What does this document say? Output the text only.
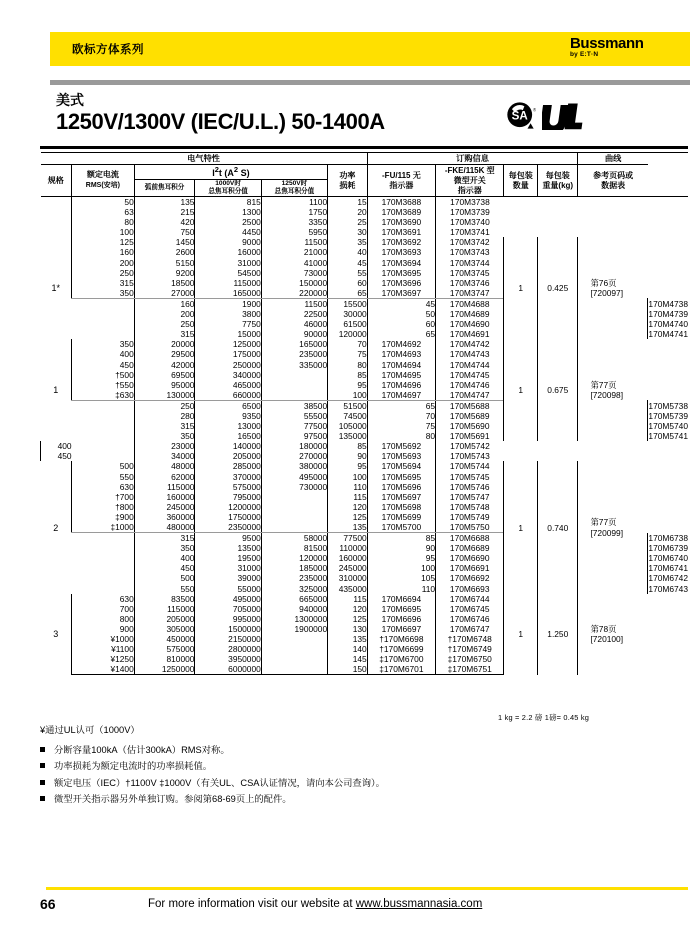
欧标方体系列	Bussmann
by E:T·N
美式
1250V/1300V (IEC/U.L.) 50-1400A	SA ®
®
电气特性						订购信息				曲线	
规格	额定电流
RMS(安培)	$I^2t$ ($A^2$ S)			功率
损耗	-FU/115 无
指示器	-FKE/115K 型
微型开关
指示器	每包装
数量	每包装
重量(kg)	参考页码或
数据表	

		弧前焦耳积分	1000V时
总焦耳积分值	1250V时
总焦耳积分值							

	50	135	815	1100	15	170M3688	170M3738				
	63	215	1300	1750	20	170M3689	170M3739				
	80	420	2500	3350	25	170M3690	170M3740				
	100	750	4450	5950	30	170M3691	170M3741				
1*	125	1450	9000	11500	35	170M3692	170M3742	1	0.425	第76页
[720097]	

	160	2600	16000	21000	40	170M3693	170M3743				
	200	5150	31000	41000	45	170M3694	170M3744				
	250	9200	54500	73000	55	170M3695	170M3745				
	315	18500	115000	150000	60	170M3696	170M3746				
	350	27000	165000	220000	65	170M3697	170M3747				
		160	1900	11500	15500	45	170M4688				170M4738
		200	3800	22500	30000	50	170M4689				170M4739
		250	7750	46000	61500	60	170M4690				170M4740
		315	15000	90000	120000	65	170M4691				170M4741
1	350	20000	125000	165000	70	170M4692	170M4742	1	0.675	第77页
[720098]	

	400	29500	175000	235000	75	170M4693	170M4743				
	450	42000	250000	335000	80	170M4694	170M4744				
	†500	69500	340000		85	170M4695	170M4745				
	†550	95000	465000		95	170M4696	170M4746				
	‡630	130000	660000		100	170M4697	170M4747				
		250	6500	38500	51500	65	170M5688				170M5738
		280	9350	55500	74500	70	170M5689				170M5739
		315	13000	77500	105000	75	170M5690				170M5740
		350	16500	97500	135000	80	170M5691				170M5741
400		23000	140000	180000	85	170M5692	170M5742				
450		34000	205000	270000	90	170M5693	170M5743				
2	500	48000	285000	380000	95	170M5694	170M5744	1	0.740	第77页
[720099]	

	550	62000	370000	495000	100	170M5695	170M5745				
	630	115000	575000	730000	110	170M5696	170M5746				
	†700	160000	795000		115	170M5697	170M5747				
	†800	245000	1200000		120	170M5698	170M5748				
	‡900	360000	1750000		125	170M5699	170M5749				
	‡1000	480000	2350000		135	170M5700	170M5750				
		315	9500	58000	77500	85	170M6688				170M6738
		350	13500	81500	110000	90	170M6689				170M6739
		400	19500	120000	160000	95	170M6690				170M6740
		450	31000	185000	245000	100	170M6691				170M6741
		500	39000	235000	310000	105	170M6692				170M6742
		550	55000	325000	435000	110	170M6693				170M6743
3	630	83500	495000	665000	115	170M6694	170M6744	1	1.250	第78页
[720100]	

	700	115000	705000	940000	120	170M6695	170M6745				
	800	205000	995000	1300000	125	170M6696	170M6746				
	900	305000	1500000	1900000	130	170M6697	170M6747				
	¥1000	450000	2150000		135	†170M6698	†170M6748				
	¥1100	575000	2800000		140	†170M6699	†170M6749				
	¥1250	810000	3950000		145	‡170M6700	‡170M6750				
	¥1400	1250000	6000000		150	‡170M6701	‡170M6751				
¥通过UL认可（1000V）
分断容量100kA（估计300kA）RMS对称。
功率损耗为额定电流时的功率损耗值。
额定电压（IEC）†1100V ‡1000V（有关UL、CSA认证情况，请向本公司查询）。
微型开关指示器另外单独订购。参阅第68-69页上的配件。
1 kg = 2.2 磅 1磅= 0.45 kg
66	For more information visit our website at www.bussmannasia.com
